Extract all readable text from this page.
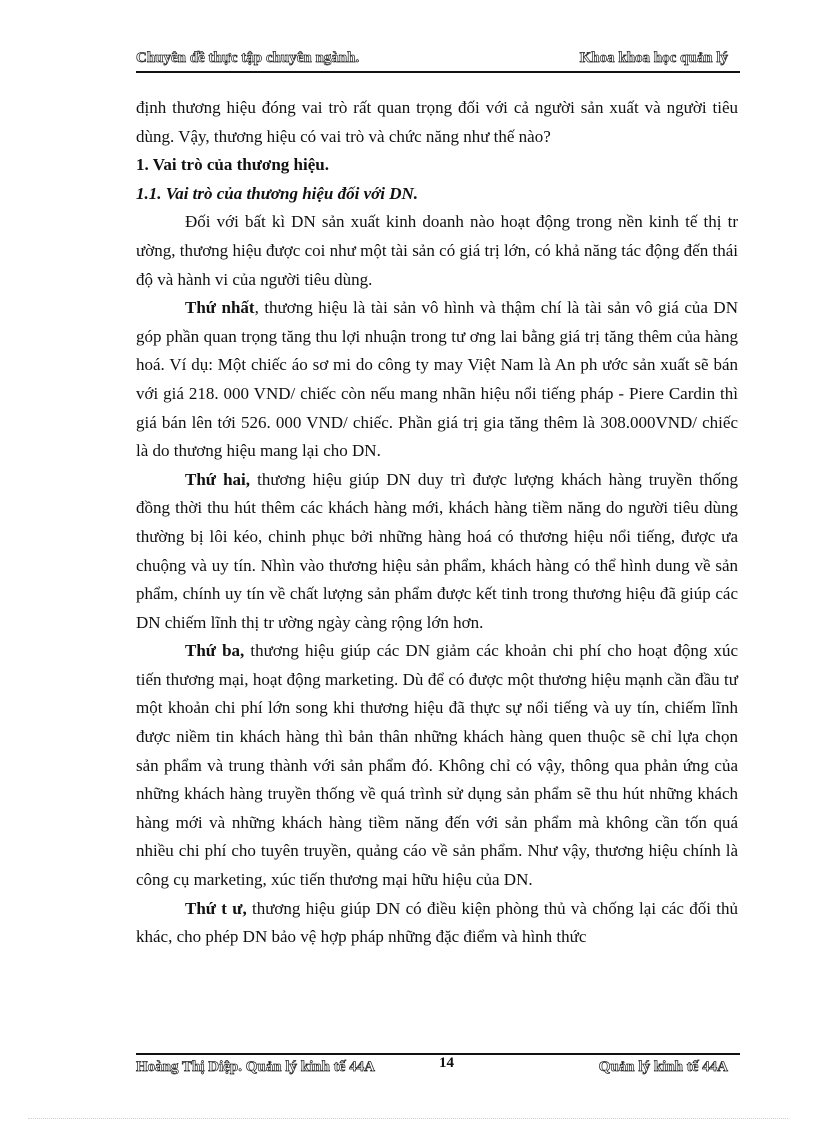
Chuyên đề thực tập chuyên ngành.	Khoa khoa học quản lý

định thương hiệu đóng vai trò rất quan trọng đối với cả người sản xuất và người tiêu dùng. Vậy, thương hiệu có vai trò và chức năng như thế nào?

1. Vai trò của thương hiệu.

1.1. Vai trò của thương hiệu đối với DN.

Đối với bất kì DN sản xuất kinh doanh nào hoạt động trong nền kinh tế thị tr ường, thương hiệu được coi như một tài sản có giá trị lớn, có khả năng tác động đến thái độ và hành vi của người tiêu dùng.

Thứ nhất, thương hiệu là tài sản vô hình và thậm chí là tài sản vô giá của DN góp phần quan trọng tăng thu lợi nhuận trong tư ơng lai bằng giá trị tăng thêm của hàng hoá. Ví dụ: Một chiếc áo sơ mi do công ty may Việt Nam là An ph ước sản xuất sẽ bán với giá 218. 000 VND/ chiếc còn nếu mang nhãn hiệu nổi tiếng pháp - Piere Cardin thì giá bán lên tới 526. 000 VND/ chiếc. Phần giá trị gia tăng thêm là 308.000VND/ chiếc là do thương hiệu mang lại cho DN.

Thứ hai, thương hiệu giúp DN duy trì được lượng khách hàng truyền thống đồng thời thu hút thêm các khách hàng mới, khách hàng tiềm năng do người tiêu dùng thường bị lôi kéo, chinh phục bởi những hàng hoá có thương hiệu nổi tiếng, được ưa chuộng và uy tín. Nhìn vào thương hiệu sản phẩm, khách hàng có thể hình dung về sản phẩm, chính uy tín về chất lượng sản phẩm được kết tinh trong thương hiệu đã giúp các DN chiếm lĩnh thị tr ường ngày càng rộng lớn hơn.

Thứ ba, thương hiệu giúp các DN giảm các khoản chi phí cho hoạt động xúc tiến thương mại, hoạt động marketing. Dù để có được một thương hiệu mạnh cần đầu tư một khoản chi phí lớn song khi thương hiệu đã thực sự nổi tiếng và uy tín, chiếm lĩnh được niềm tin khách hàng thì bản thân những khách hàng quen thuộc sẽ chỉ lựa chọn sản phẩm và trung thành với sản phẩm đó. Không chỉ có vậy, thông qua phản ứng của những khách hàng truyền thống về quá trình sử dụng sản phẩm sẽ thu hút những khách hàng mới và những khách hàng tiềm năng đến với sản phẩm mà không cần tốn quá nhiều chi phí cho tuyên truyền, quảng cáo về sản phẩm. Như vậy, thương hiệu chính là công cụ marketing, xúc tiến thương mại hữu hiệu của DN.

Thứ t ư, thương hiệu giúp DN có điều kiện phòng thủ và chống lại các đối thủ khác, cho phép DN bảo vệ hợp pháp những đặc điểm và hình thức

Hoàng Thị Diệp. Quản lý kinh tế 44A	14	Quản lý kinh tế 44A
